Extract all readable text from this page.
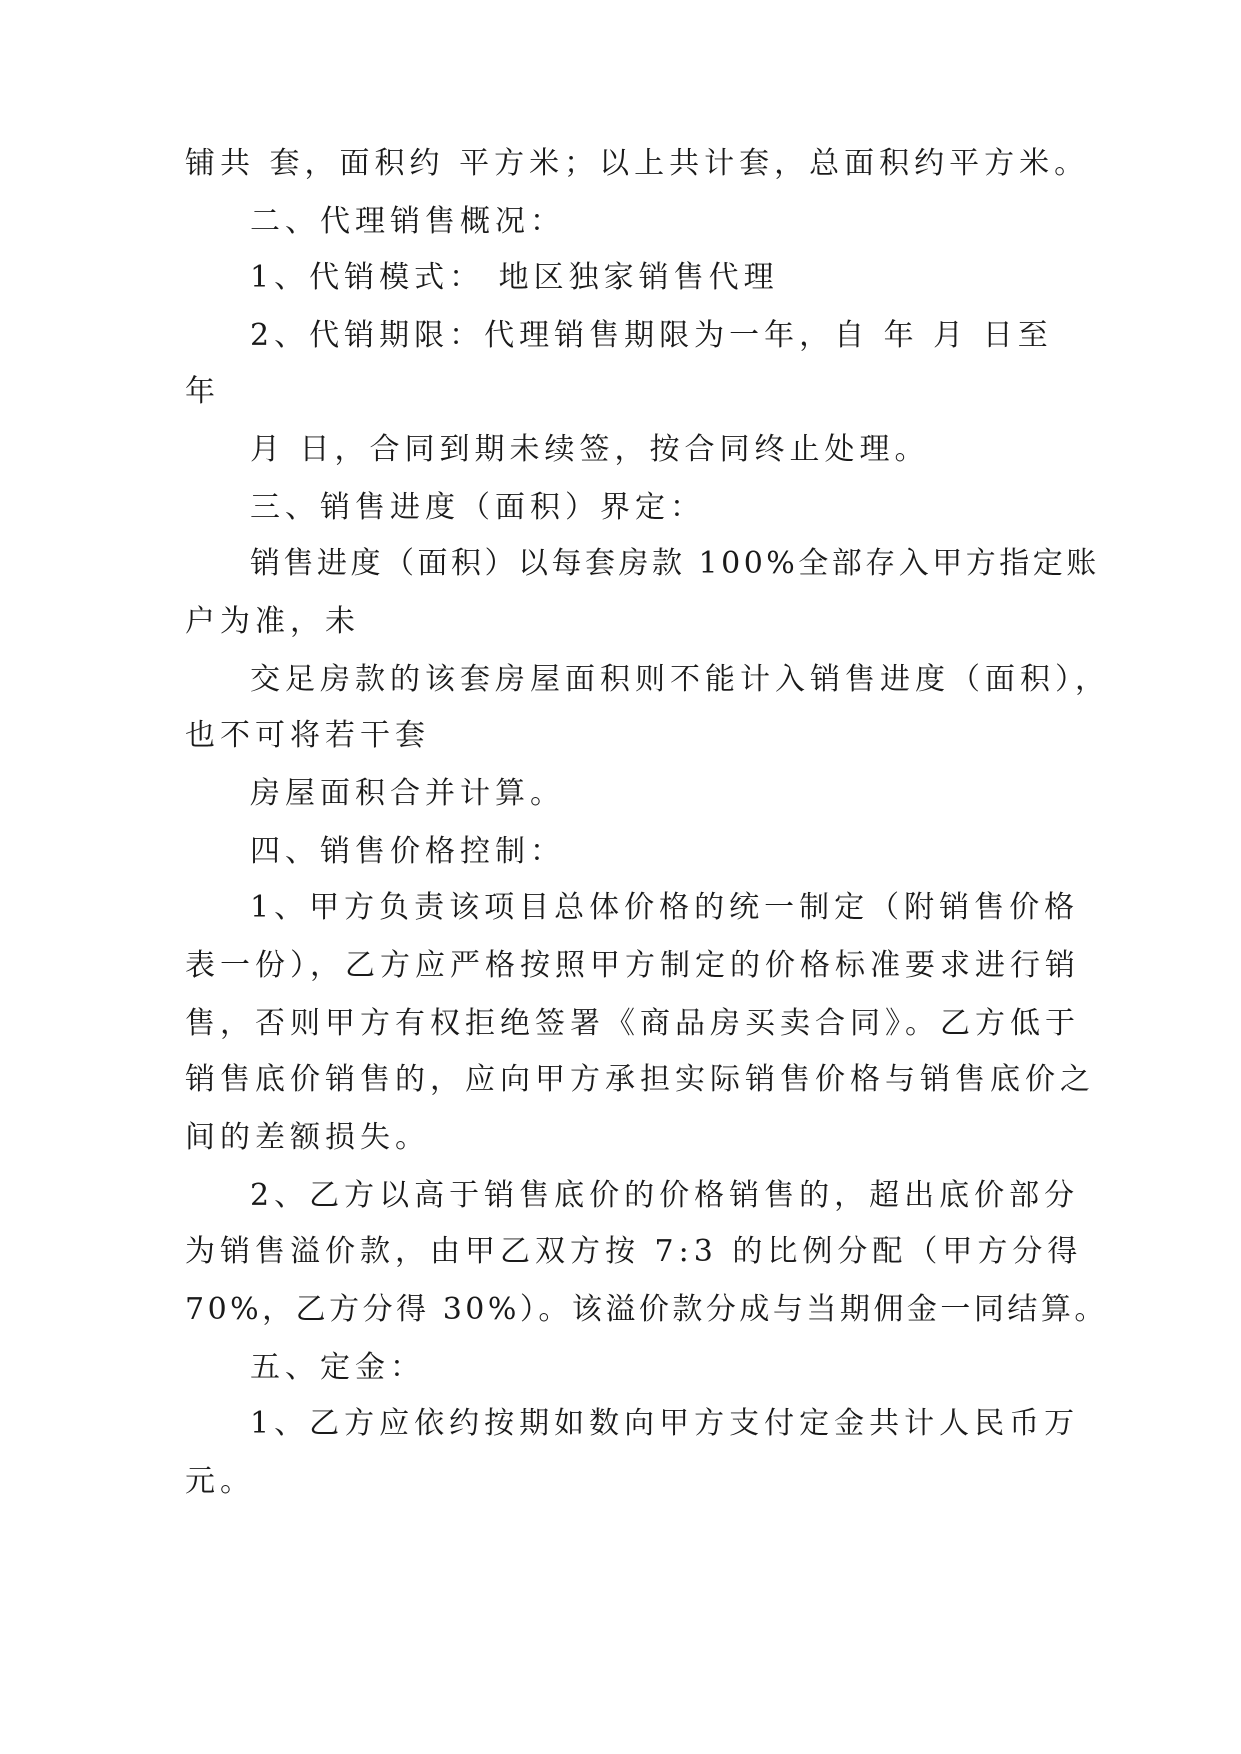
铺共 套，面积约 平方米；以上共计套，总面积约平方米。
二、代理销售概况：
1、代销模式： 地区独家销售代理
2、代销期限：代理销售期限为一年，自 年 月 日至
年
月 日，合同到期未续签，按合同终止处理。
三、销售进度（面积）界定：
销售进度（面积）以每套房款 100%全部存入甲方指定账
户为准，未
交足房款的该套房屋面积则不能计入销售进度（面积），
也不可将若干套
房屋面积合并计算。
四、销售价格控制：
1、甲方负责该项目总体价格的统一制定（附销售价格
表一份），乙方应严格按照甲方制定的价格标准要求进行销
售，否则甲方有权拒绝签署《商品房买卖合同》。乙方低于
销售底价销售的，应向甲方承担实际销售价格与销售底价之
间的差额损失。
2、乙方以高于销售底价的价格销售的，超出底价部分
为销售溢价款，由甲乙双方按 7:3 的比例分配（甲方分得
70%，乙方分得 30%）。该溢价款分成与当期佣金一同结算。
五、定金：
1、乙方应依约按期如数向甲方支付定金共计人民币万
元。
